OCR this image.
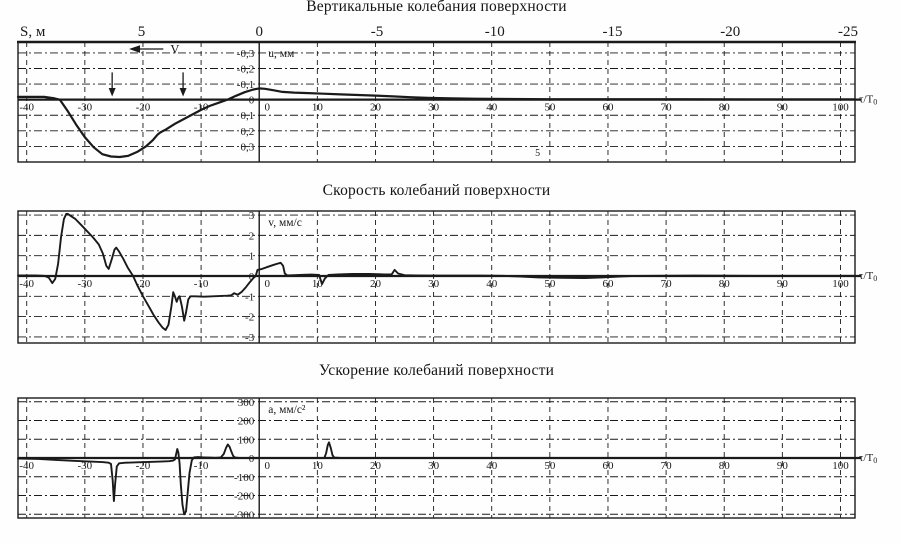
Вертикальные колебания поверхности
Скорость колебаний поверхности
Ускорение колебаний поверхности
-0,3
-0,2
-0,1
0
0,1
0,2
0,3
-40	-30	-20	-10	0	10	20	30	40	50	60	70	80	90	100
u, мм
τ/T0
S, м	5	0	-5	-10	-15	-20	-25
V
5
3
2
1
0
-1
-2
-3
-40	-30	-20	-10	0	10	20	30	40	50	60	70	80	90	100
v, мм/с
τ/T0
300
200
100
0
-100
-200
-300
-40	-30	-20	-10	0	10	20	30	40	50	60	70	80	90	100
a, мм/с²
τ/T0
